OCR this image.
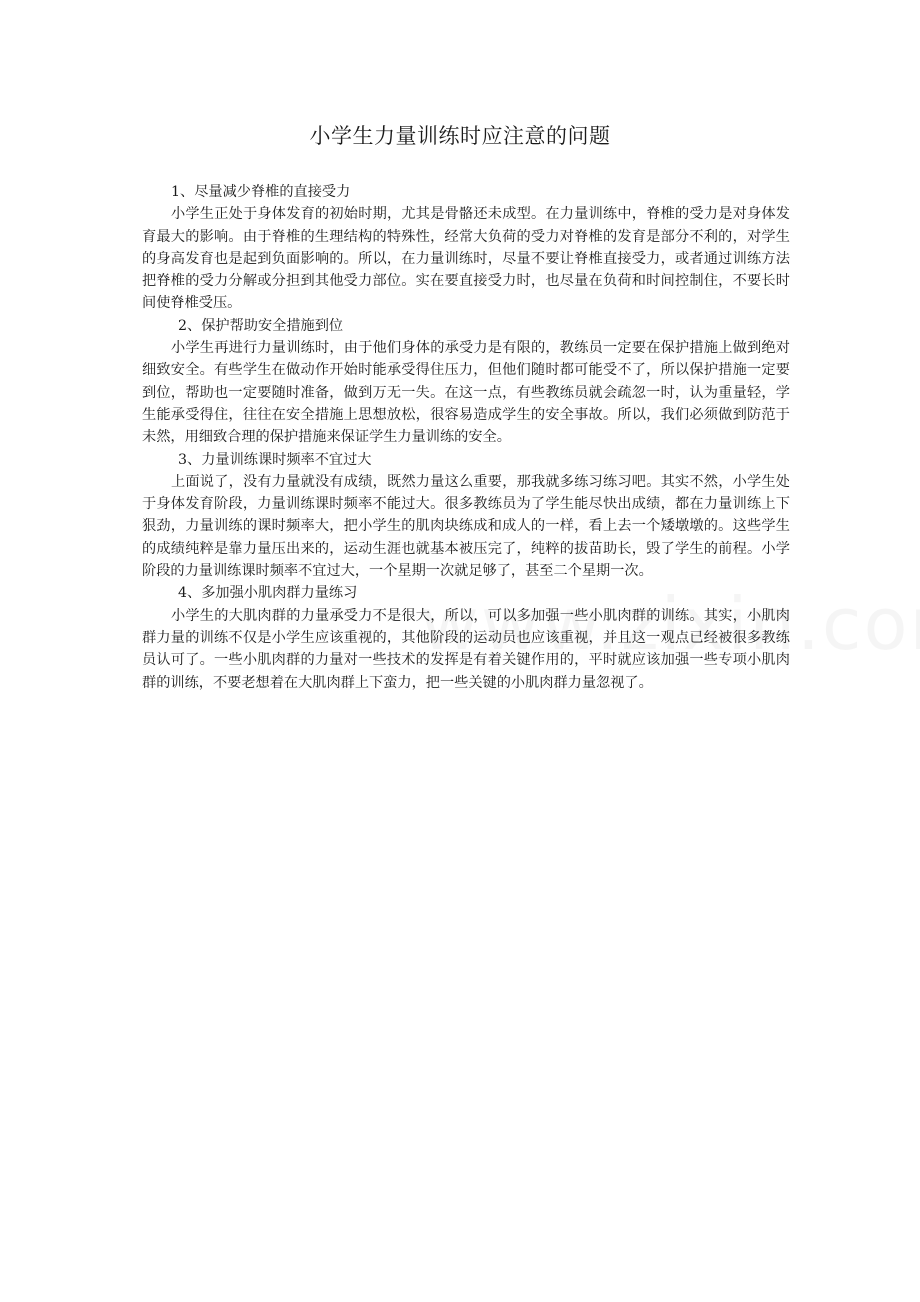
小学生力量训练时应注意的问题

1、尽量减少脊椎的直接受力

小学生正处于身体发育的初始时期，尤其是骨骼还未成型。在力量训练中，脊椎的受力是对身体发育最大的影响。由于脊椎的生理结构的特殊性，经常大负荷的受力对脊椎的发育是部分不利的，对学生的身高发育也是起到负面影响的。所以，在力量训练时，尽量不要让脊椎直接受力，或者通过训练方法把脊椎的受力分解或分担到其他受力部位。实在要直接受力时，也尽量在负荷和时间控制住，不要长时间使脊椎受压。

2、保护帮助安全措施到位

小学生再进行力量训练时，由于他们身体的承受力是有限的，教练员一定要在保护措施上做到绝对细致安全。有些学生在做动作开始时能承受得住压力，但他们随时都可能受不了，所以保护措施一定要到位，帮助也一定要随时准备，做到万无一失。在这一点，有些教练员就会疏忽一时，认为重量轻，学生能承受得住，往往在安全措施上思想放松，很容易造成学生的安全事故。所以，我们必须做到防范于未然，用细致合理的保护措施来保证学生力量训练的安全。

3、力量训练课时频率不宜过大

上面说了，没有力量就没有成绩，既然力量这么重要，那我就多练习练习吧。其实不然，小学生处于身体发育阶段，力量训练课时频率不能过大。很多教练员为了学生能尽快出成绩，都在力量训练上下狠劲，力量训练的课时频率大，把小学生的肌肉块练成和成人的一样，看上去一个矮墩墩的。这些学生的成绩纯粹是靠力量压出来的，运动生涯也就基本被压完了，纯粹的拔苗助长，毁了学生的前程。小学阶段的力量训练课时频率不宜过大，一个星期一次就足够了，甚至二个星期一次。

4、多加强小肌肉群力量练习

小学生的大肌肉群的力量承受力不是很大，所以，可以多加强一些小肌肉群的训练。其实，小肌肉群力量的训练不仅是小学生应该重视的，其他阶段的运动员也应该重视，并且这一观点已经被很多教练员认可了。一些小肌肉群的力量对一些技术的发挥是有着关键作用的，平时就应该加强一些专项小肌肉群的训练，不要老想着在大肌肉群上下蛮力，把一些关键的小肌肉群力量忽视了。
